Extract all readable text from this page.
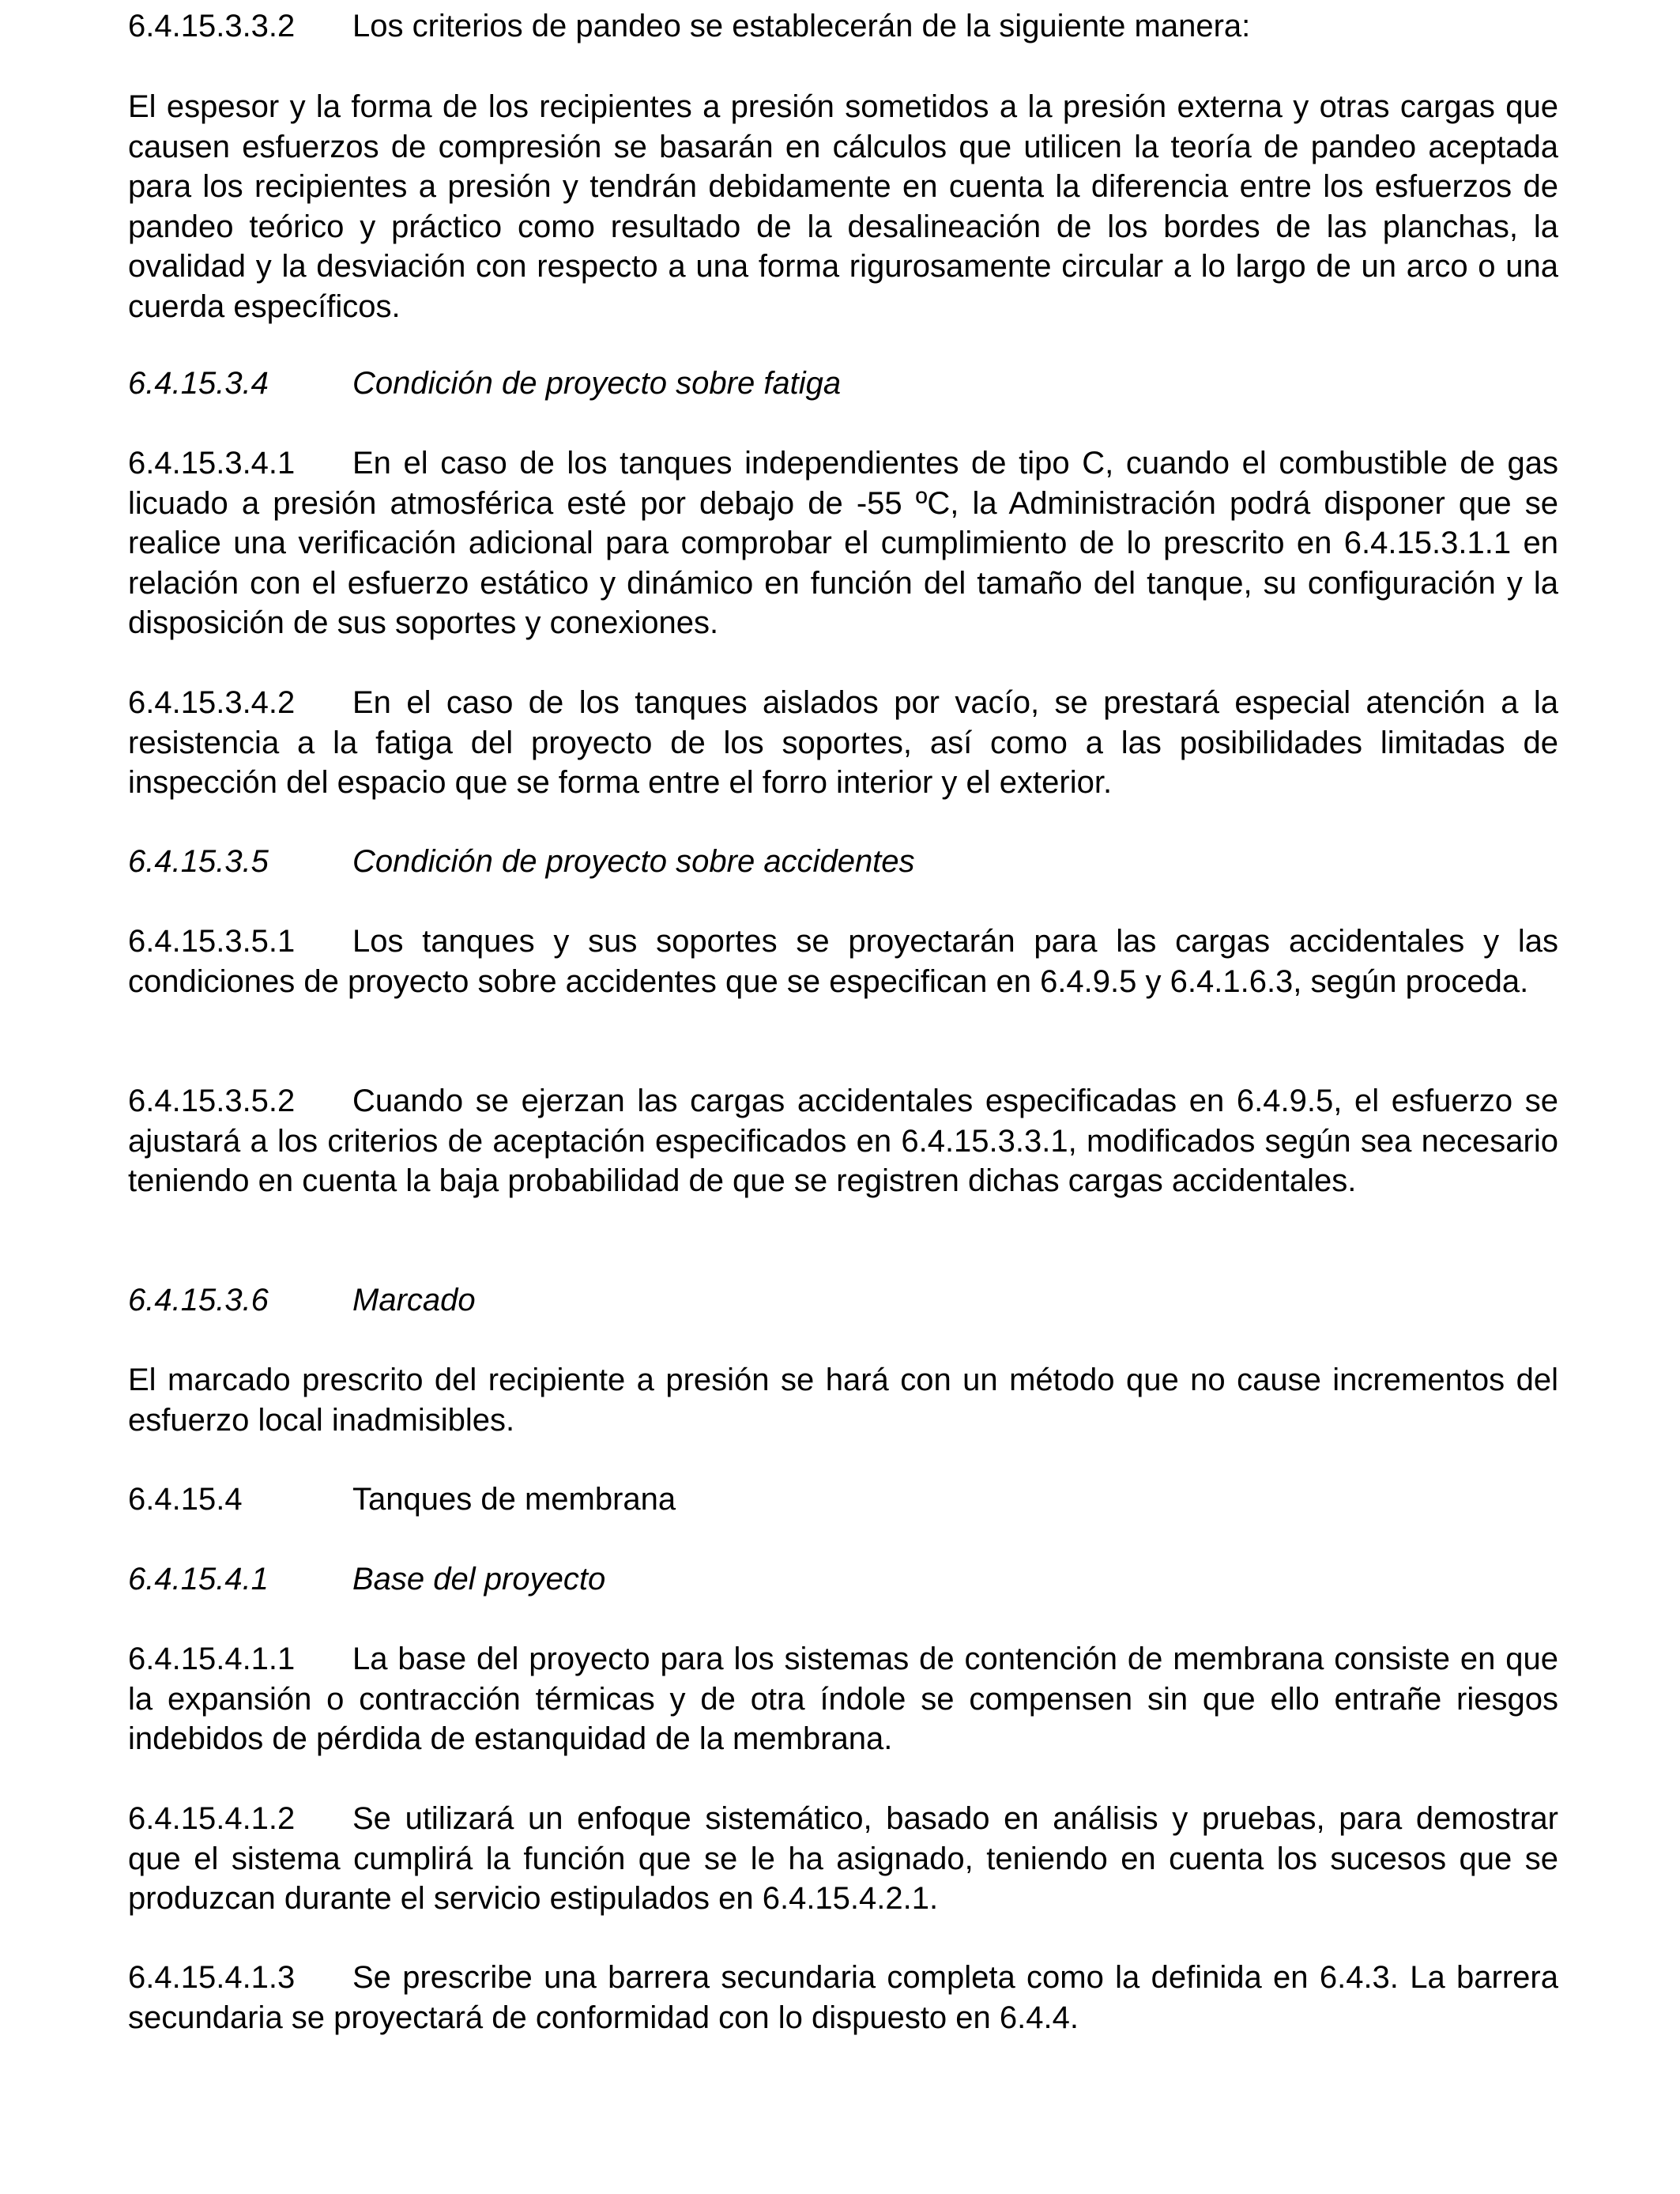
6.4.15.3.3.2 Los criterios de pandeo se establecerán de la siguiente manera:

El espesor y la forma de los recipientes a presión sometidos a la presión externa y otras cargas que causen esfuerzos de compresión se basarán en cálculos que utilicen la teoría de pandeo aceptada para los recipientes a presión y tendrán debidamente en cuenta la diferencia entre los esfuerzos de pandeo teórico y práctico como resultado de la desalineación de los bordes de las planchas, la ovalidad y la desviación con respecto a una forma rigurosamente circular a lo largo de un arco o una cuerda específicos.

6.4.15.3.4	Condición de proyecto sobre fatiga

6.4.15.3.4.1 En el caso de los tanques independientes de tipo C, cuando el combustible de gas licuado a presión atmosférica esté por debajo de -55 ºC, la Administración podrá disponer que se realice una verificación adicional para comprobar el cumplimiento de lo prescrito en 6.4.15.3.1.1 en relación con el esfuerzo estático y dinámico en función del tamaño del tanque, su configuración y la disposición de sus soportes y conexiones.

6.4.15.3.4.2 En el caso de los tanques aislados por vacío, se prestará especial atención a la resistencia a la fatiga del proyecto de los soportes, así como a las posibilidades limitadas de inspección del espacio que se forma entre el forro interior y el exterior.

6.4.15.3.5	Condición de proyecto sobre accidentes

6.4.15.3.5.1 Los tanques y sus soportes se proyectarán para las cargas accidentales y las condiciones de proyecto sobre accidentes que se especifican en 6.4.9.5 y 6.4.1.6.3, según proceda.

6.4.15.3.5.2 Cuando se ejerzan las cargas accidentales especificadas en 6.4.9.5, el esfuerzo se ajustará a los criterios de aceptación especificados en 6.4.15.3.3.1, modificados según sea necesario teniendo en cuenta la baja probabilidad de que se registren dichas cargas accidentales.

6.4.15.3.6	Marcado

El marcado prescrito del recipiente a presión se hará con un método que no cause incrementos del esfuerzo local inadmisibles.

6.4.15.4	Tanques de membrana

6.4.15.4.1	Base del proyecto

6.4.15.4.1.1 La base del proyecto para los sistemas de contención de membrana consiste en que la expansión o contracción térmicas y de otra índole se compensen sin que ello entrañe riesgos indebidos de pérdida de estanquidad de la membrana.

6.4.15.4.1.2 Se utilizará un enfoque sistemático, basado en análisis y pruebas, para demostrar que el sistema cumplirá la función que se le ha asignado, teniendo en cuenta los sucesos que se produzcan durante el servicio estipulados en 6.4.15.4.2.1.

6.4.15.4.1.3 Se prescribe una barrera secundaria completa como la definida en 6.4.3. La barrera secundaria se proyectará de conformidad con lo dispuesto en 6.4.4.
